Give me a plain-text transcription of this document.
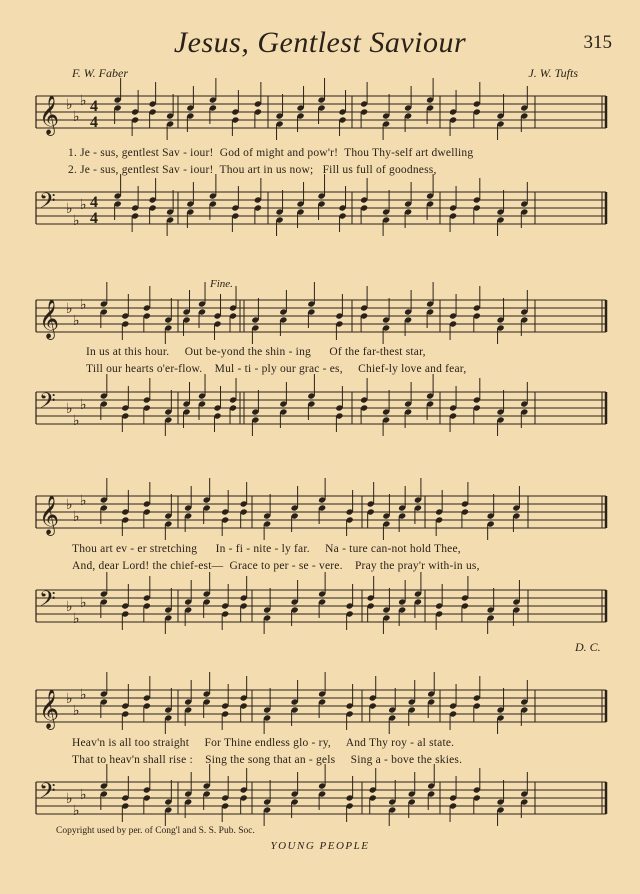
Jesus, Gentlest Saviour	315
F. W. Faber	J. W. Tufts
𝄞 ♭
♭
♭ 4
4
1. Je - sus, gentlest Sav - iour!  God of might and pow'r!  Thou Thy-self art dwelling
2. Je - sus, gentlest Sav - iour!  Thou art in us now;   Fill us full of goodness,
𝄢 ♭
♭
♭ 4
4
Fine.
𝄞 ♭
♭
♭
In us at this hour.     Out be-yond the shin - ing      Of the far-thest star,
Till our hearts o'er-flow.    Mul - ti - ply our grac - es,     Chief-ly love and fear,
𝄢 ♭
♭
♭
𝄞 ♭
♭
♭
Thou art ev - er stretching      In - fi - nite - ly far.     Na - ture can-not hold Thee,
And, dear Lord! the chief-est—  Grace to per - se - vere.    Pray the pray'r with-in us,
𝄢 ♭
♭
♭
D. C.
𝄞 ♭
♭
♭
Heav'n is all too straight     For Thine endless glo - ry,     And Thy roy - al state.
That to heav'n shall rise :    Sing the song that an - gels     Sing a - bove the skies.
𝄢 ♭
♭
♭
Copyright used by per. of Cong'l and S. S. Pub. Soc.
YOUNG PEOPLE
